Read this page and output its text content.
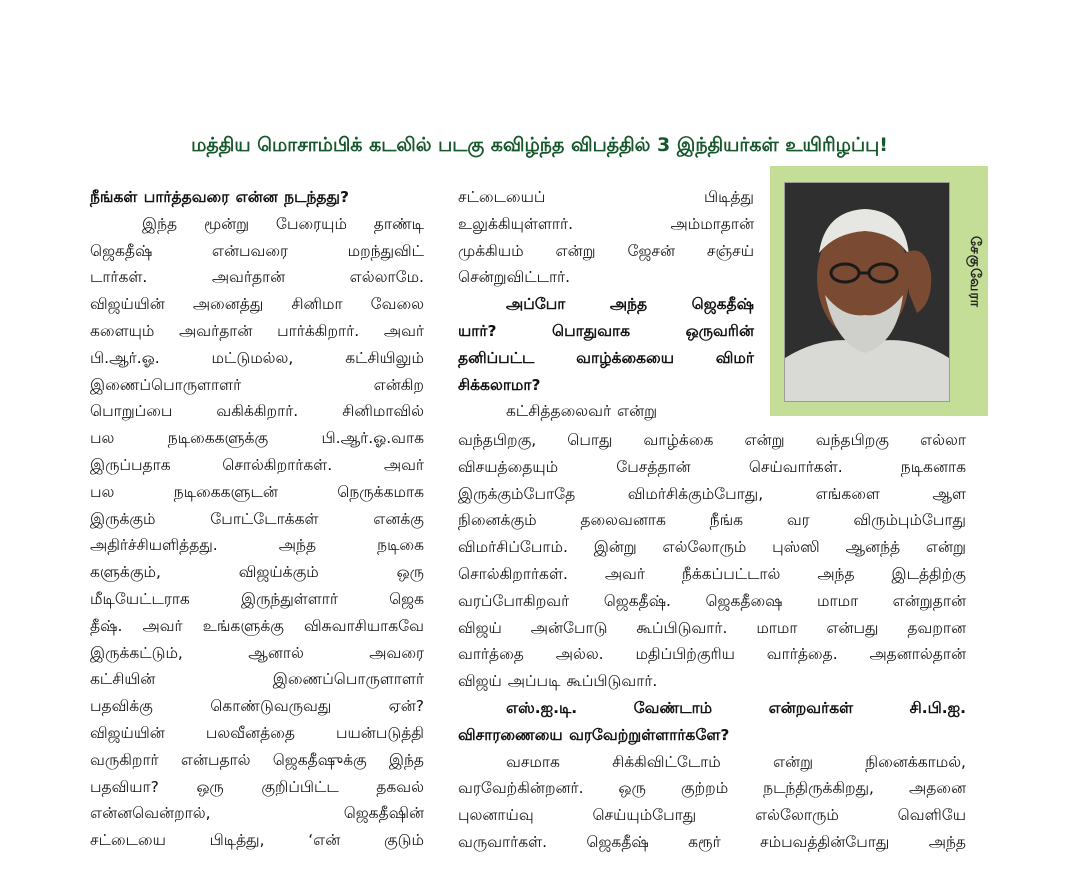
மத்திய மொசாம்பிக் கடலில் படகு கவிழ்ந்த விபத்தில் 3 இந்தியர்கள் உயிரிழப்பு!

நீங்கள் பார்த்தவரை என்ன நடந்தது?

இந்த மூன்று பேரையும் தாண்டி

ஜெகதீஷ் என்பவரை மறந்துவிட்

டார்கள். அவர்தான் எல்லாமே.

விஜய்யின் அனைத்து சினிமா வேலை

களையும் அவர்தான் பார்க்கிறார். அவர்

பி.ஆர்.ஓ. மட்டுமல்ல, கட்சியிலும்

இணைப்பொருளாளர் என்கிற

பொறுப்பை வகிக்கிறார். சினிமாவில்

பல நடிகைகளுக்கு பி.ஆர்.ஓ.வாக

இருப்பதாக சொல்கிறார்கள். அவர்

பல நடிகைகளுடன் நெருக்கமாக

இருக்கும் போட்டோக்கள் எனக்கு

அதிர்ச்சியளித்தது. அந்த நடிகை

களுக்கும், விஜய்க்கும் ஒரு

மீடியேட்டராக இருந்துள்ளார் ஜெக

தீஷ். அவர் உங்களுக்கு விசுவாசியாகவே

இருக்கட்டும், ஆனால் அவரை

கட்சியின் இணைப்பொருளாளர்

பதவிக்கு கொண்டுவருவது ஏன்?

விஜய்யின் பலவீனத்தை பயன்படுத்தி

வருகிறார் என்பதால் ஜெகதீஷுக்கு இந்த

பதவியா? ஒரு குறிப்பிட்ட தகவல்

என்னவென்றால், ஜெகதீஷின்

சட்டையை பிடித்து, ‘என் குடும்

சட்டையைப் பிடித்து

உலுக்கியுள்ளார். அம்மாதான்

முக்கியம் என்று ஜேசன் சஞ்சய்

சென்றுவிட்டார்.

அப்போ அந்த ஜெகதீஷ்

யார்? பொதுவாக ஒருவரின்

தனிப்பட்ட வாழ்க்கையை விமர்

சிக்கலாமா?

கட்சித்தலைவர் என்று

சேகுவேரா

வந்தபிறகு, பொது வாழ்க்கை என்று வந்தபிறகு எல்லா

விசயத்தையும் பேசத்தான் செய்வார்கள். நடிகனாக

இருக்கும்போதே விமர்சிக்கும்போது, எங்களை ஆள

நினைக்கும் தலைவனாக நீங்க வர விரும்பும்போது

விமர்சிப்போம். இன்று எல்லோரும் புஸ்ஸி ஆனந்த் என்று

சொல்கிறார்கள். அவர் நீக்கப்பட்டால் அந்த இடத்திற்கு

வரப்போகிறவர் ஜெகதீஷ். ஜெகதீஷை மாமா என்றுதான்

விஜய் அன்போடு கூப்பிடுவார். மாமா என்பது தவறான

வார்த்தை அல்ல. மதிப்பிற்குரிய வார்த்தை. அதனால்தான்

விஜய் அப்படி கூப்பிடுவார்.

எஸ்.ஐ.டி. வேண்டாம் என்றவர்கள் சி.பி.ஐ.

விசாரணையை வரவேற்றுள்ளார்களே?

வசமாக சிக்கிவிட்டோம் என்று நினைக்காமல்,

வரவேற்கின்றனர். ஒரு குற்றம் நடந்திருக்கிறது, அதனை

புலனாய்வு செய்யும்போது எல்லோரும் வெளியே

வருவார்கள். ஜெகதீஷ் கரூர் சம்பவத்தின்போது அந்த
